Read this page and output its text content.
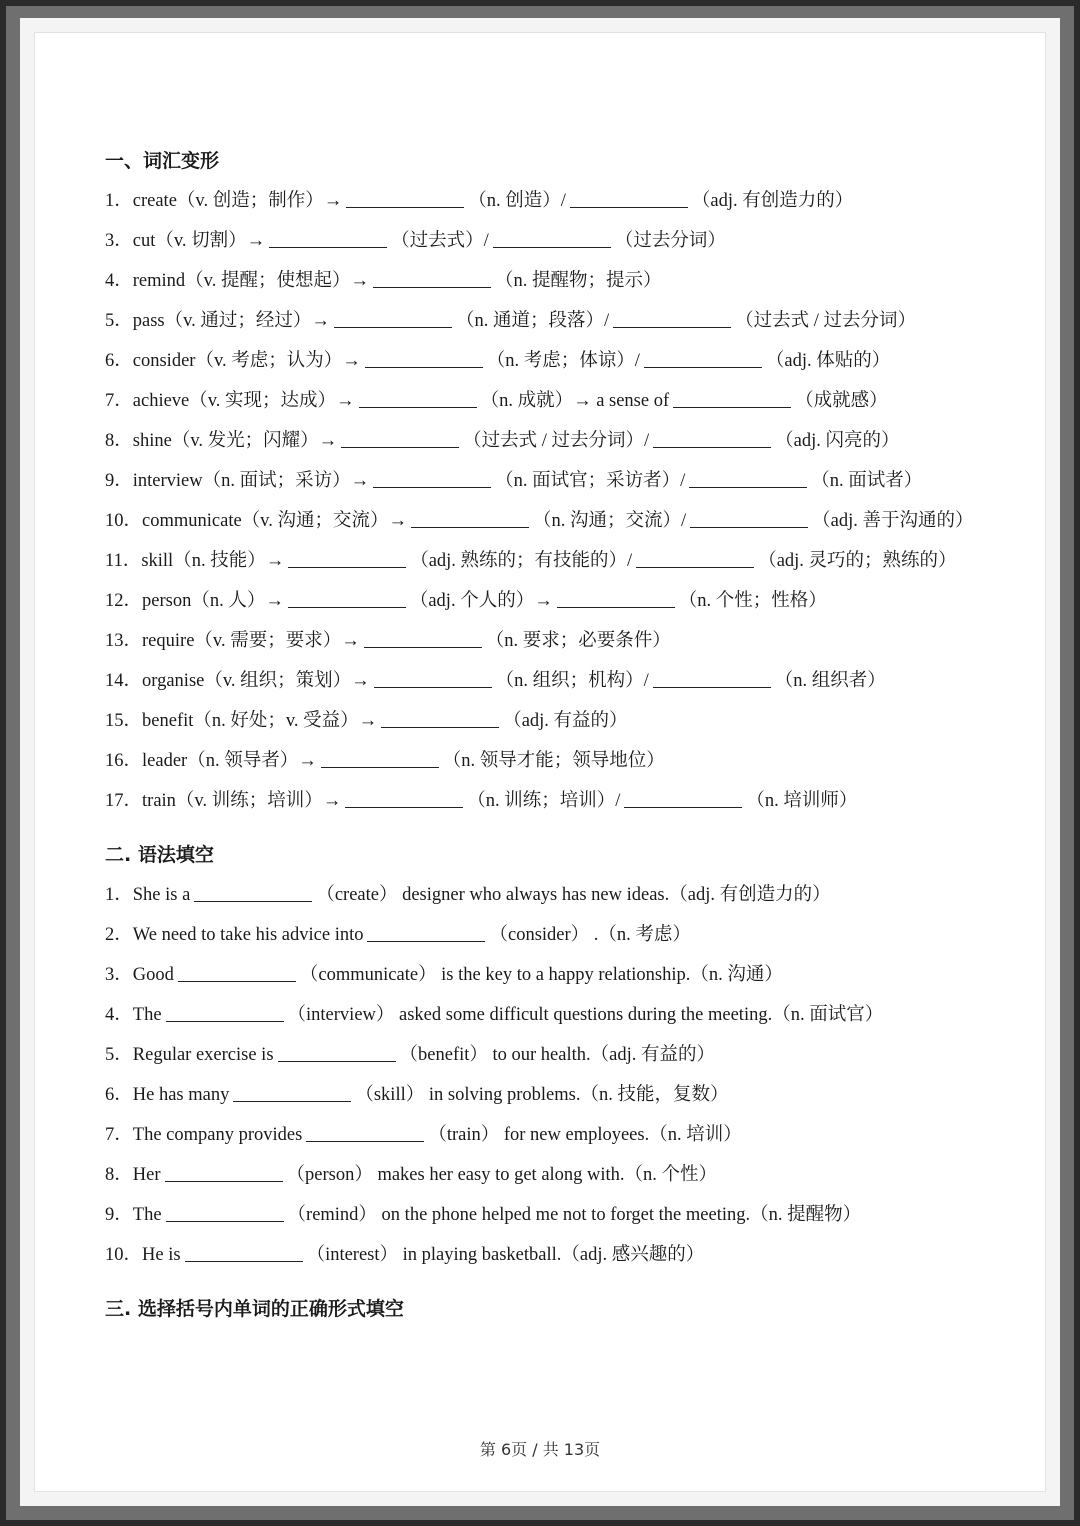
一、词汇变形
1．create（v. 创造；制作）→	（n. 创造）/	（adj. 有创造力的）
3．cut（v. 切割）→	（过去式）/	（过去分词）
4．remind（v. 提醒；使想起）→	（n. 提醒物；提示）
5．pass（v. 通过；经过）→	（n. 通道；段落）/	（过去式 / 过去分词）
6．consider（v. 考虑；认为）→	（n. 考虑；体谅）/	（adj. 体贴的）
7．achieve（v. 实现；达成）→	（n. 成就）→ a sense of	（成就感）
8．shine（v. 发光；闪耀）→	（过去式 / 过去分词）/	（adj. 闪亮的）
9．interview（n. 面试；采访）→	（n. 面试官；采访者）/	（n. 面试者）
10．communicate（v. 沟通；交流）→	（n. 沟通；交流）/	（adj. 善于沟通的）
11．skill（n. 技能）→	（adj. 熟练的；有技能的）/	（adj. 灵巧的；熟练的）
12．person（n. 人）→	（adj. 个人的）→	（n. 个性；性格）
13．require（v. 需要；要求）→	（n. 要求；必要条件）
14．organise（v. 组织；策划）→	（n. 组织；机构）/	（n. 组织者）
15．benefit（n. 好处；v. 受益）→	（adj. 有益的）
16．leader（n. 领导者）→	（n. 领导才能；领导地位）
17．train（v. 训练；培训）→	（n. 训练；培训）/	（n. 培训师）
二. 语法填空
1．She is a	（create） designer who always has new ideas.（adj. 有创造力的）
2．We need to take his advice into	（consider） .（n. 考虑）
3．Good	（communicate） is the key to a happy relationship.（n. 沟通）
4．The	（interview） asked some difficult questions during the meeting.（n. 面试官）
5．Regular exercise is	（benefit） to our health.（adj. 有益的）
6．He has many	（skill） in solving problems.（n. 技能，复数）
7．The company provides	（train） for new employees.（n. 培训）
8．Her	（person） makes her easy to get along with.（n. 个性）
9．The	（remind） on the phone helped me not to forget the meeting.（n. 提醒物）
10．He is	（interest） in playing basketball.（adj. 感兴趣的）
三. 选择括号内单词的正确形式填空
第 6页 / 共 13页
